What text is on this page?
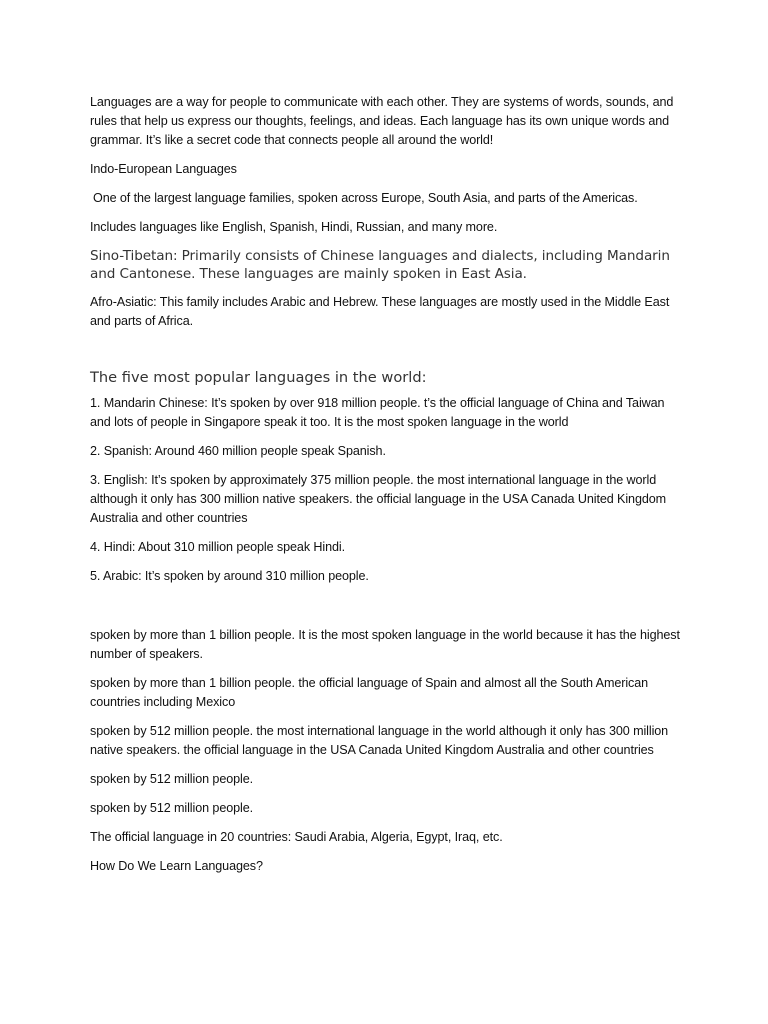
Languages are a way for people to communicate with each other. They are systems of words, sounds, and rules that help us express our thoughts, feelings, and ideas. Each language has its own unique words and grammar. It’s like a secret code that connects people all around the world!

Indo-European Languages

One of the largest language families, spoken across Europe, South Asia, and parts of the Americas.

Includes languages like English, Spanish, Hindi, Russian, and many more.

Sino-Tibetan: Primarily consists of Chinese languages and dialects, including Mandarin and Cantonese. These languages are mainly spoken in East Asia.

Afro-Asiatic: This family includes Arabic and Hebrew. These languages are mostly used in the Middle East and parts of Africa.

The five most popular languages in the world:

1. Mandarin Chinese: It’s spoken by over 918 million people. t’s the official language of China and Taiwan and lots of people in Singapore speak it too. It is the most spoken language in the world

2. Spanish: Around 460 million people speak Spanish.

3. English: It’s spoken by approximately 375 million people. the most international language in the world although it only has 300 million native speakers. the official language in the USA Canada United Kingdom Australia and other countries

4. Hindi: About 310 million people speak Hindi.

5. Arabic: It’s spoken by around 310 million people.

spoken by more than 1 billion people. It is the most spoken language in the world because it has the highest number of speakers.

spoken by more than 1 billion people. the official language of Spain and almost all the South American countries including Mexico

spoken by 512 million people. the most international language in the world although it only has 300 million native speakers. the official language in the USA Canada United Kingdom Australia and other countries

spoken by 512 million people.

spoken by 512 million people.

The official language in 20 countries: Saudi Arabia, Algeria, Egypt, Iraq, etc.

How Do We Learn Languages?
